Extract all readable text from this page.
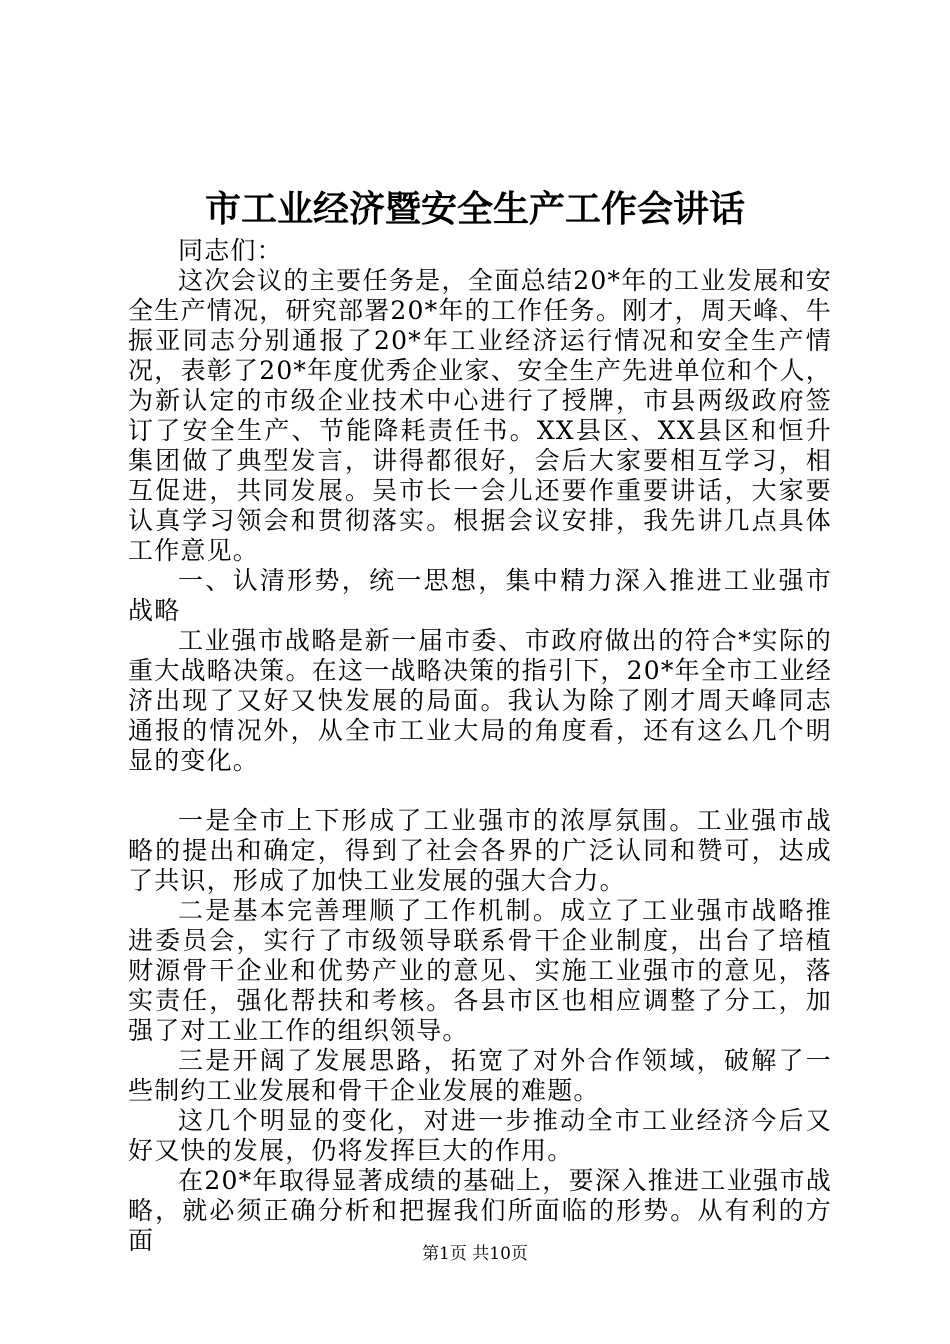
市工业经济暨安全生产工作会讲话

同志们：

这次会议的主要任务是，全面总结20*年的工业发展和安全生产情况，研究部署20*年的工作任务。刚才，周天峰、牛振亚同志分别通报了20*年工业经济运行情况和安全生产情况，表彰了20*年度优秀企业家、安全生产先进单位和个人，为新认定的市级企业技术中心进行了授牌，市县两级政府签订了安全生产、节能降耗责任书。XX县区、XX县区和恒升集团做了典型发言，讲得都很好，会后大家要相互学习，相互促进，共同发展。吴市长一会儿还要作重要讲话，大家要认真学习领会和贯彻落实。根据会议安排，我先讲几点具体工作意见。

一、认清形势，统一思想，集中精力深入推进工业强市战略

工业强市战略是新一届市委、市政府做出的符合*实际的重大战略决策。在这一战略决策的指引下，20*年全市工业经济出现了又好又快发展的局面。我认为除了刚才周天峰同志通报的情况外，从全市工业大局的角度看，还有这么几个明显的变化。

一是全市上下形成了工业强市的浓厚氛围。工业强市战略的提出和确定，得到了社会各界的广泛认同和赞可，达成了共识，形成了加快工业发展的强大合力。

二是基本完善理顺了工作机制。成立了工业强市战略推进委员会，实行了市级领导联系骨干企业制度，出台了培植财源骨干企业和优势产业的意见、实施工业强市的意见，落实责任，强化帮扶和考核。各县市区也相应调整了分工，加强了对工业工作的组织领导。

三是开阔了发展思路，拓宽了对外合作领域，破解了一些制约工业发展和骨干企业发展的难题。

这几个明显的变化，对进一步推动全市工业经济今后又好又快的发展，仍将发挥巨大的作用。

在20*年取得显著成绩的基础上，要深入推进工业强市战略，就必须正确分析和把握我们所面临的形势。从有利的方面	第1页 共10页
